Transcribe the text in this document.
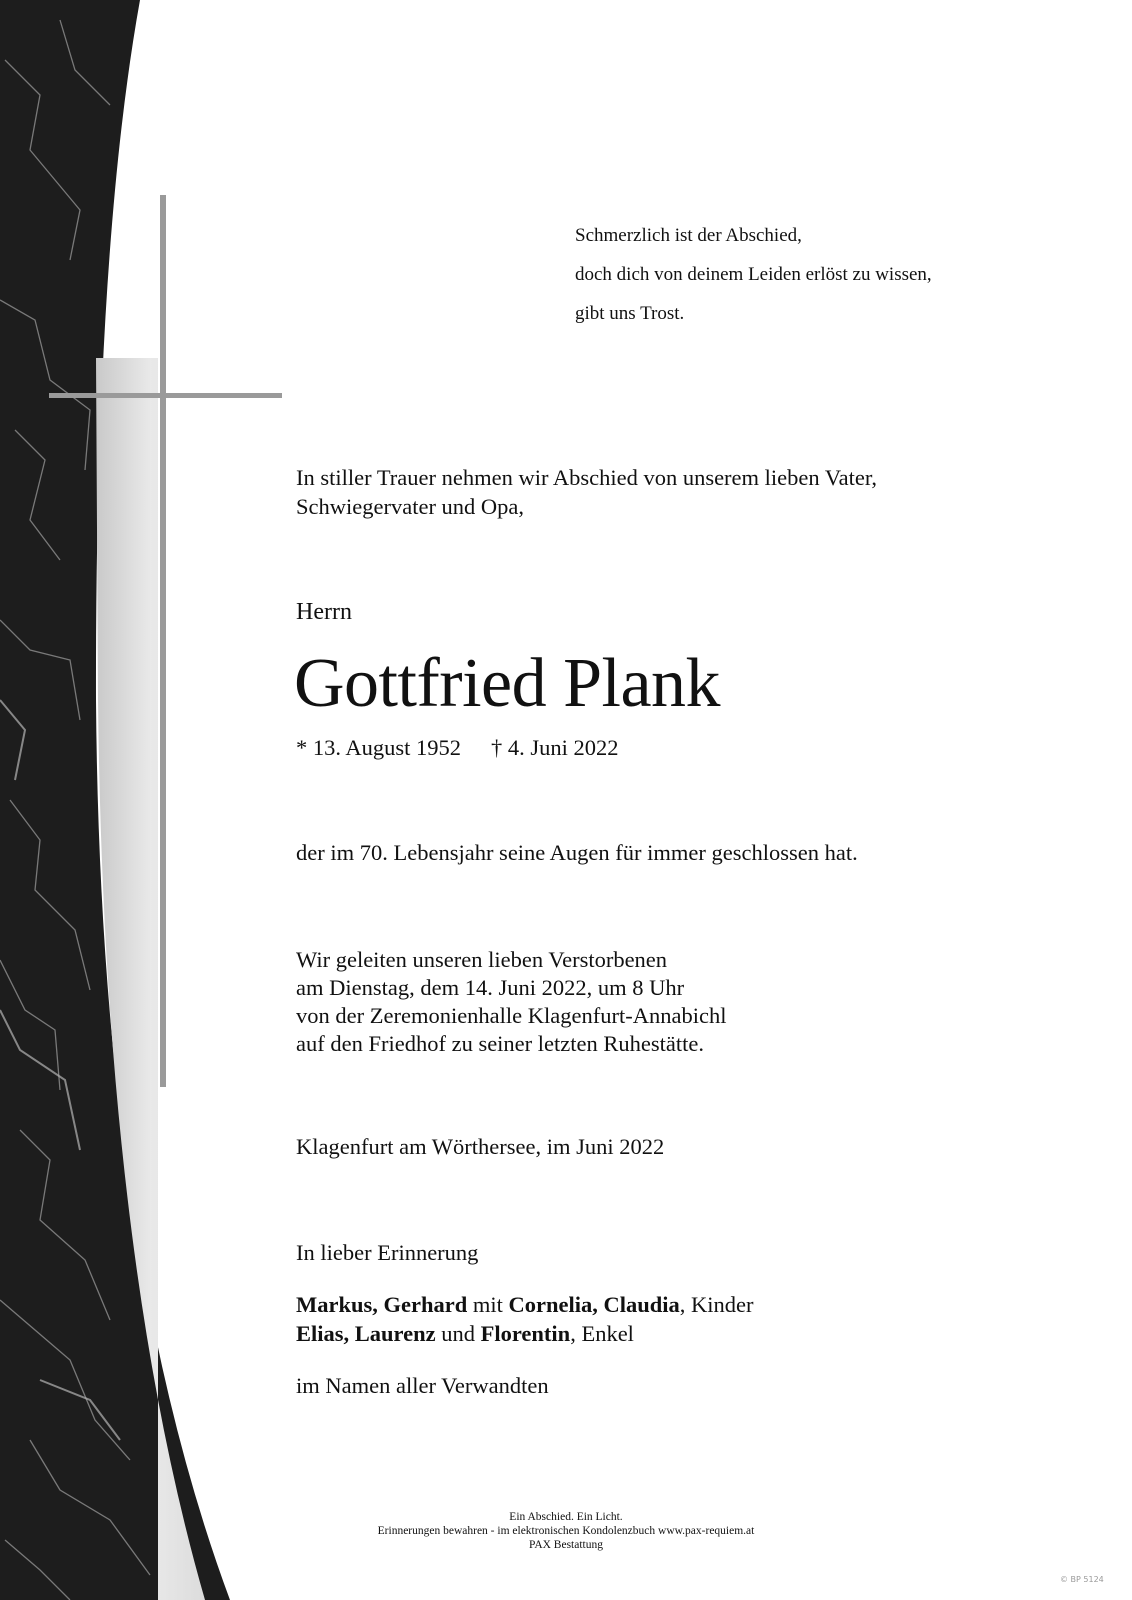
Schmerzlich ist der Abschied,
doch dich von deinem Leiden erlöst zu wissen,
gibt uns Trost.
In stiller Trauer nehmen wir Abschied von unserem lieben Vater,
Schwiegervater und Opa,
Herrn
Gottfried Plank
* 13. August 1952 † 4. Juni 2022
der im 70. Lebensjahr seine Augen für immer geschlossen hat.
Wir geleiten unseren lieben Verstorbenen
am Dienstag, dem 14. Juni 2022, um 8 Uhr
von der Zeremonienhalle Klagenfurt-Annabichl
auf den Friedhof zu seiner letzten Ruhestätte.
Klagenfurt am Wörthersee, im Juni 2022
In lieber Erinnerung
Markus, Gerhard mit Cornelia, Claudia, Kinder
Elias, Laurenz und Florentin, Enkel
im Namen aller Verwandten
Ein Abschied. Ein Licht.
Erinnerungen bewahren - im elektronischen Kondolenzbuch www.pax-requiem.at
PAX Bestattung
© BP 5124
